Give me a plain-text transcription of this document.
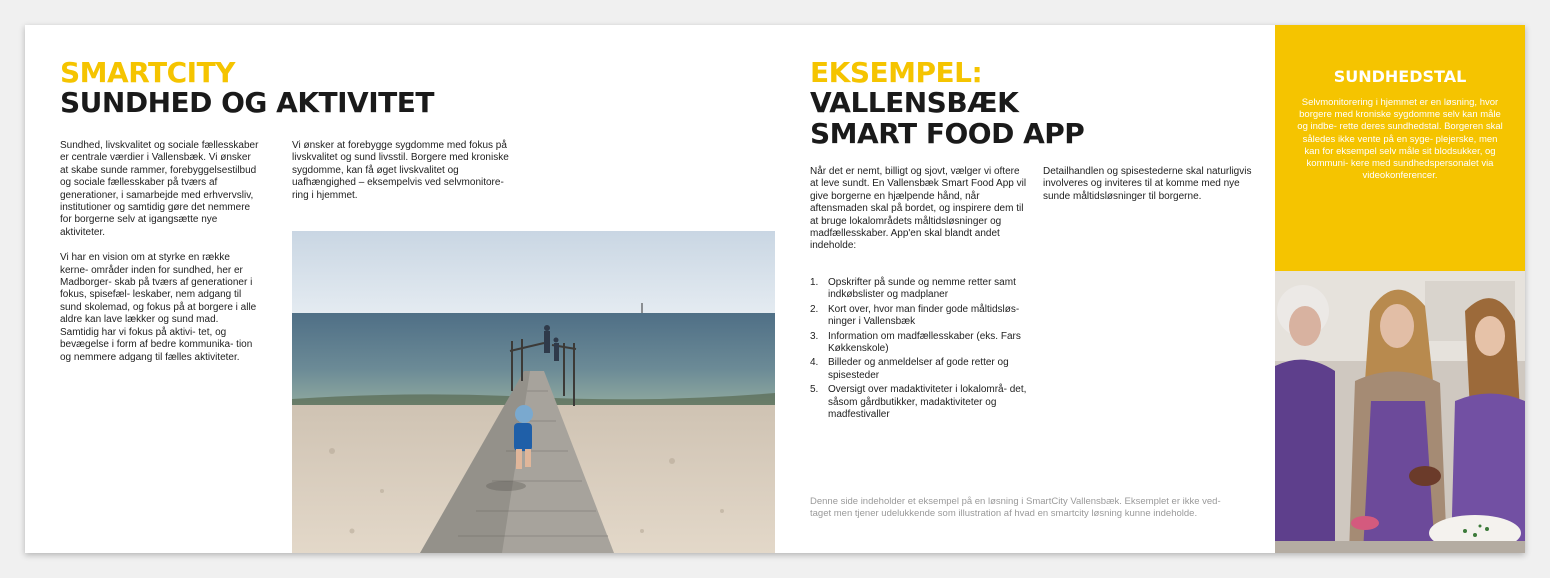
SMARTCITY
SUNDHED OG AKTIVITET

Sundhed, livskvalitet og sociale fællesskaber er centrale værdier i Vallensbæk. Vi ønsker at skabe sunde rammer, forebyggelsestilbud og sociale fællesskaber på tværs af generationer, i samarbejde med erhvervsliv, institutioner og samtidig gøre det nemmere for borgerne selv at igangsætte nye aktiviteter.

Vi har en vision om at styrke en række kerne- områder inden for sundhed, her er Madborger- skab på tværs af generationer i fokus, spisefæl- leskaber, nem adgang til sund skolemad, og fokus på at borgere i alle aldre kan lave lækker og sund mad. Samtidig har vi fokus på aktivi- tet, og bevægelse i form af bedre kommunika- tion og nemmere adgang til fælles aktiviteter.

Vi ønsker at forebygge sygdomme med fokus på livskvalitet og sund livsstil. Borgere med kroniske sygdomme, kan få øget livskvalitet og uafhængighed – eksempelvis ved selvmonitore- ring i hjemmet.

EKSEMPEL:
VALLENSBÆK
SMART FOOD APP

Når det er nemt, billigt og sjovt, vælger vi oftere at leve sundt. En Vallensbæk Smart Food App vil give borgerne en hjælpende hånd, når aftensmaden skal på bordet, og inspirere dem til at bruge lokalområdets måltidsløsninger og madfællesskaber. App'en skal blandt andet indeholde:

1. Opskrifter på sunde og nemme retter samt indkøbslister og madplaner
2. Kort over, hvor man finder gode måltidsløs- ninger i Vallensbæk
3. Information om madfællesskaber (eks. Fars Køkkenskole)
4. Billeder og anmeldelser af gode retter og spisesteder
5. Oversigt over madaktiviteter i lokalområ- det, såsom gårdbutikker, madaktiviteter og madfestivaller

Detailhandlen og spisestederne skal naturligvis involveres og inviteres til at komme med nye sunde måltidsløsninger til borgerne.

Denne side indeholder et eksempel på en løsning i SmartCity Vallensbæk. Eksemplet er ikke ved- taget men tjener udelukkende som illustration af hvad en smartcity løsning kunne indeholde.

SUNDHEDSTAL

Selvmonitorering i hjemmet er en løsning, hvor borgere med kroniske sygdomme selv kan måle og indbe- rette deres sundhedstal. Borgeren skal således ikke vente på en syge- plejerske, men kan for eksempel selv måle sit blodsukker, og kommuni- kere med sundhedspersonalet via videokonferencer.
